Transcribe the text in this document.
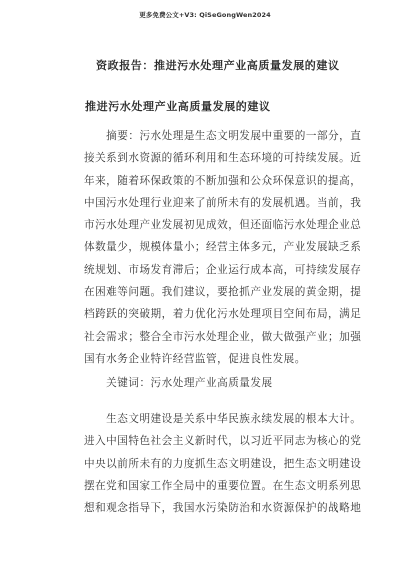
更多免费公文+V3: QiSeGongWen2024
资政报告：推进污水处理产业高质量发展的建议
推进污水处理产业高质量发展的建议
　　摘要：污水处理是生态文明发展中重要的一部分，直
接关系到水资源的循环利用和生态环境的可持续发展。近
年来，随着环保政策的不断加强和公众环保意识的提高，
中国污水处理行业迎来了前所未有的发展机遇。当前，我
市污水处理产业发展初见成效，但还面临污水处理企业总
体数量少，规模体量小；经营主体多元，产业发展缺乏系
统规划、市场发育滞后；企业运行成本高，可持续发展存
在困难等问题。我们建议，要抢抓产业发展的黄金期，提
档跨跃的突破期，着力优化污水处理项目空间布局，满足
社会需求；整合全市污水处理企业，做大做强产业；加强
国有水务企业特许经营监管，促进良性发展。
　　关键词：污水处理产业高质量发展
　　生态文明建设是关系中华民族永续发展的根本大计。
进入中国特色社会主义新时代，以习近平同志为核心的党
中央以前所未有的力度抓生态文明建设，把生态文明建设
摆在党和国家工作全局中的重要位置。在生态文明系列思
想和观念指导下，我国水污染防治和水资源保护的战略地
